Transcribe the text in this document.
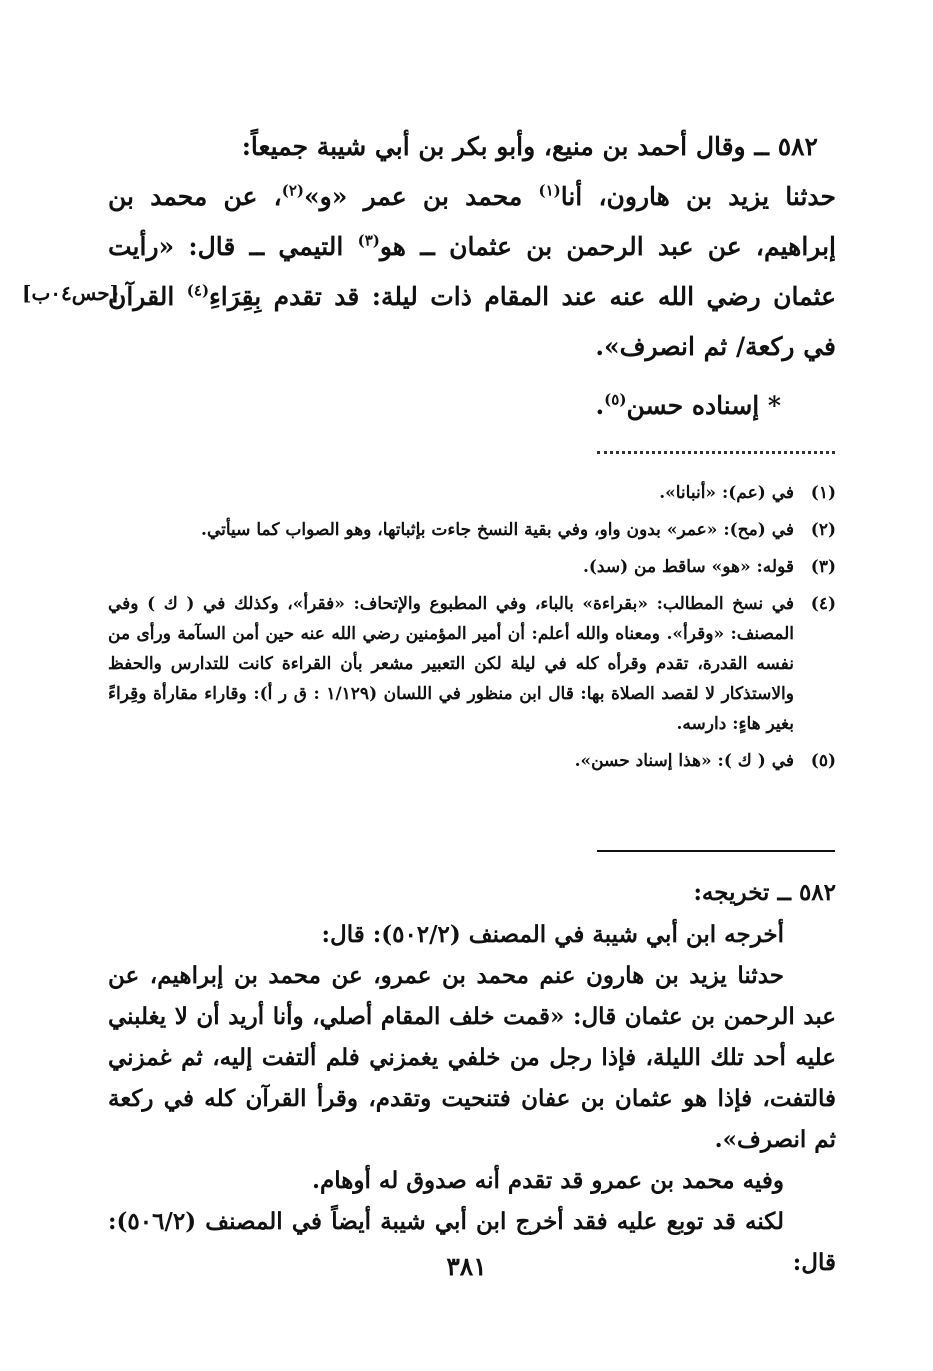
٥٨٢ ــ وقال أحمد بن منيع، وأبو بكر بن أبي شيبة جميعاً:

حدثنا يزيد بن هارون، أنا$^{(١)}$ محمد بن عمر «و»$^{(٢)}$، عن محمد بن إبراهيم، عن عبد الرحمن بن عثمان ــ هو$^{(٣)}$ التيمي ــ قال: «رأيت عثمان رضي الله عنه عند المقام ذات ليلة: قد تقدم بِقِرَاءِ$^{(٤)}$ القرآن في ركعة/ ثم انصرف».

* إسناده حسن$^{(٥)}$.

[حس٠٤ب]
(١)
في (عم): «أنبانا».
(٢)
في (مح): «عمر» بدون واو، وفي بقية النسخ جاءت بإثباتها، وهو الصواب كما سيأتي.
(٣)
قوله: «هو» ساقط من (سد).
(٤)
في نسخ المطالب: «بقراءة» بالباء، وفي المطبوع والإتحاف: «فقرأ»، وكذلك في ( ك ) وفي المصنف: «وقرأ». ومعناه والله أعلم: أن أمير المؤمنين رضي الله عنه حين أمن السآمة ورأى من نفسه القدرة، تقدم وقرأه كله في ليلة لكن التعبير مشعر بأن القراءة كانت للتدارس والحفظ والاستذكار لا لقصد الصلاة بها: قال ابن منظور في اللسان (١/١٢٩ : ق ر أ): وقاراء مقارأة وقِراءً بغير هاءٍ: دارسه.
(٥)
في ( ك ): «هذا إسناد حسن».

٥٨٢ ــ تخريجه:

أخرجه ابن أبي شيبة في المصنف (٥٠٢/٢): قال:

حدثنا يزيد بن هارون عنم محمد بن عمرو، عن محمد بن إبراهيم، عن عبد الرحمن بن عثمان قال: «قمت خلف المقام أصلي، وأنا أريد أن لا يغلبني عليه أحد تلك الليلة، فإذا رجل من خلفي يغمزني فلم ألتفت إليه، ثم غمزني فالتفت، فإذا هو عثمان بن عفان فتنحيت وتقدم، وقرأ القرآن كله في ركعة ثم انصرف».

وفيه محمد بن عمرو قد تقدم أنه صدوق له أوهام.

لكنه قد توبع عليه فقد أخرج ابن أبي شيبة أيضاً في المصنف (٥٠٦/٢): قال:

٣٨١
